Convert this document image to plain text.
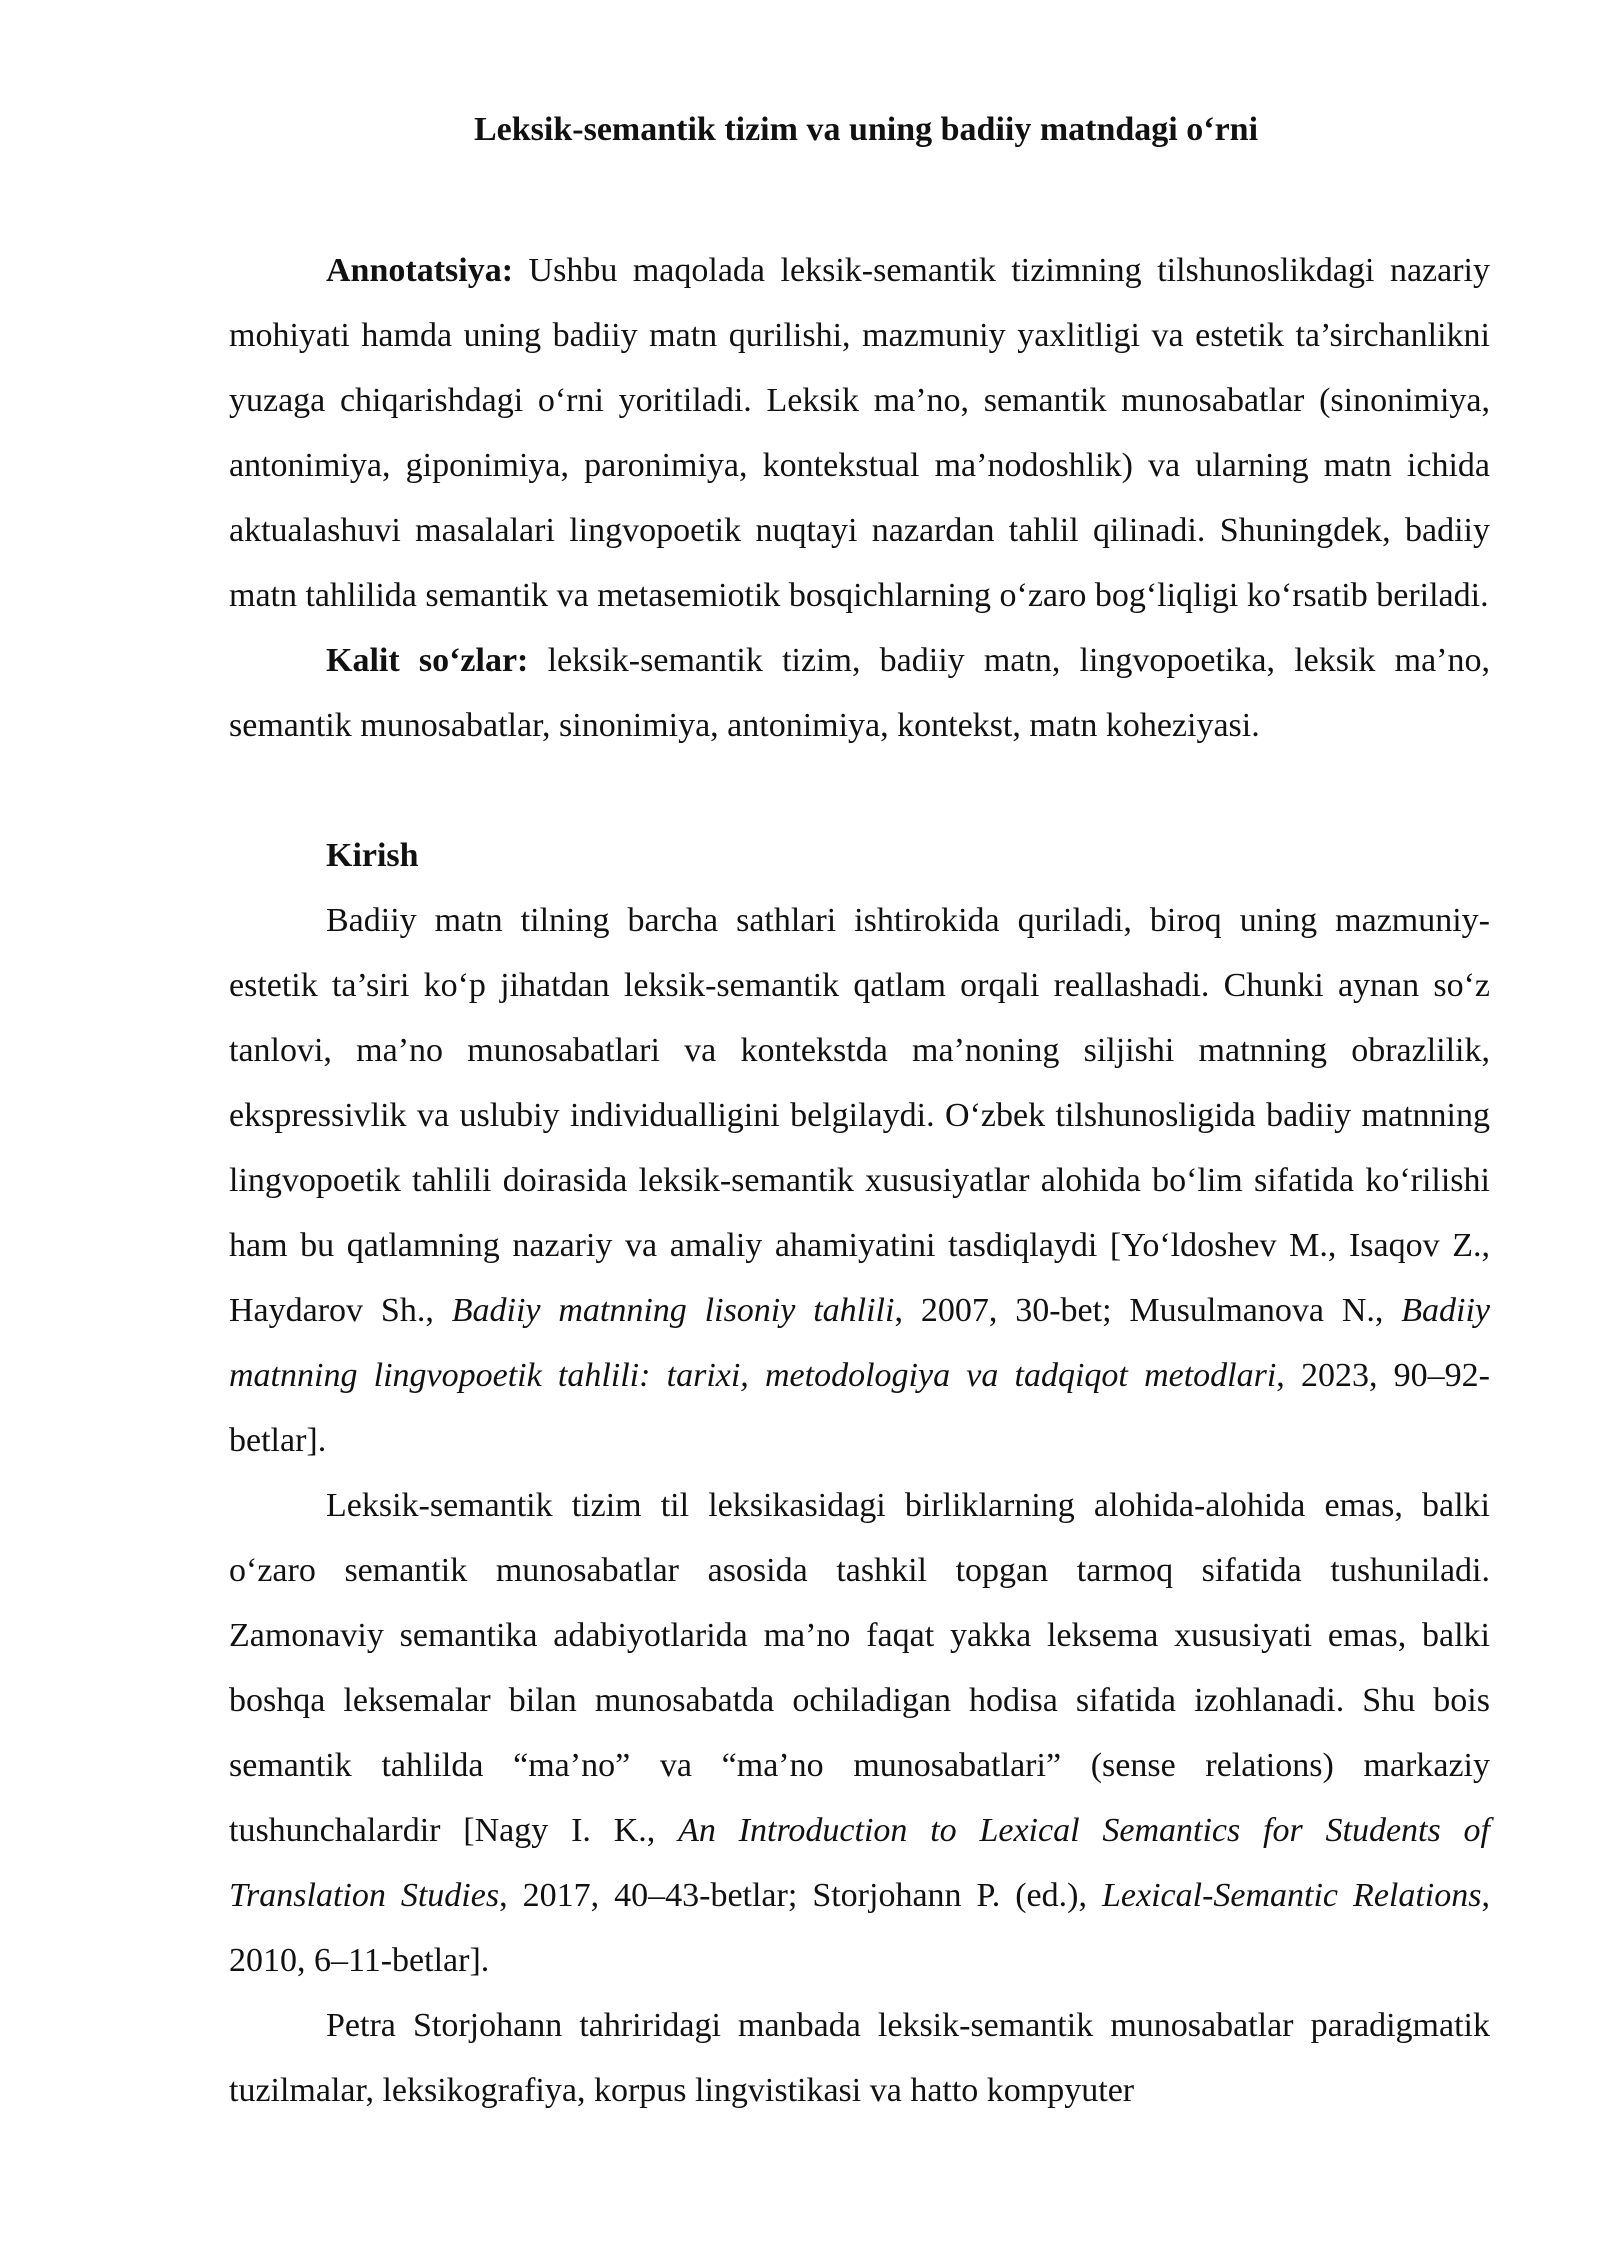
Leksik-semantik tizim va uning badiiy matndagi o‘rni

Annotatsiya: Ushbu maqolada leksik-semantik tizimning tilshunoslikdagi nazariy mohiyati hamda uning badiiy matn qurilishi, mazmuniy yaxlitligi va estetik ta’sirchanlikni yuzaga chiqarishdagi o‘rni yoritiladi. Leksik ma’no, semantik munosabatlar (sinonimiya, antonimiya, giponimiya, paronimiya, kontekstual ma’nodoshlik) va ularning matn ichida aktualashuvi masalalari lingvopoetik nuqtayi nazardan tahlil qilinadi. Shuningdek, badiiy matn tahlilida semantik va metasemiotik bosqichlarning o‘zaro bog‘liqligi ko‘rsatib beriladi.

Kalit so‘zlar: leksik-semantik tizim, badiiy matn, lingvopoetika, leksik ma’no, semantik munosabatlar, sinonimiya, antonimiya, kontekst, matn koheziyasi.

Kirish

Badiiy matn tilning barcha sathlari ishtirokida quriladi, biroq uning mazmuniy-estetik ta’siri ko‘p jihatdan leksik-semantik qatlam orqali reallashadi. Chunki aynan so‘z tanlovi, ma’no munosabatlari va kontekstda ma’noning siljishi matnning obrazlilik, ekspressivlik va uslubiy individualligini belgilaydi. O‘zbek tilshunosligida badiiy matnning lingvopoetik tahlili doirasida leksik-semantik xususiyatlar alohida bo‘lim sifatida ko‘rilishi ham bu qatlamning nazariy va amaliy ahamiyatini tasdiqlaydi [Yo‘ldoshev M., Isaqov Z., Haydarov Sh., Badiiy matnning lisoniy tahlili, 2007, 30-bet; Musulmanova N., Badiiy matnning lingvopoetik tahlili: tarixi, metodologiya va tadqiqot metodlari, 2023, 90–92-betlar].

Leksik-semantik tizim til leksikasidagi birliklarning alohida-alohida emas, balki o‘zaro semantik munosabatlar asosida tashkil topgan tarmoq sifatida tushuniladi. Zamonaviy semantika adabiyotlarida ma’no faqat yakka leksema xususiyati emas, balki boshqa leksemalar bilan munosabatda ochiladigan hodisa sifatida izohlanadi. Shu bois semantik tahlilda “ma’no” va “ma’no munosabatlari” (sense relations) markaziy tushunchalardir [Nagy I. K., An Introduction to Lexical Semantics for Students of Translation Studies, 2017, 40–43-betlar; Storjohann P. (ed.), Lexical-Semantic Relations, 2010, 6–11-betlar].

Petra Storjohann tahriridagi manbada leksik-semantik munosabatlar paradigmatik tuzilmalar, leksikografiya, korpus lingvistikasi va hatto kompyuter
